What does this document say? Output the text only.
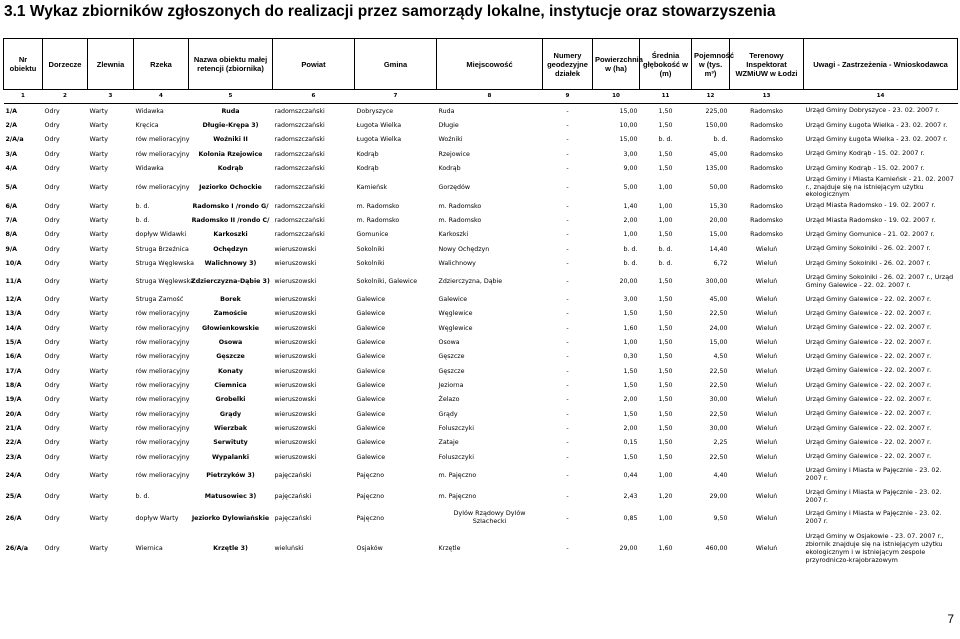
3.1 Wykaz zbiorników zgłoszonych do realizacji przez samorządy lokalne, instytucje oraz stowarzyszenia
Nr obiektu	Dorzecze	Zlewnia	Rzeka	Nazwa obiektu małej retencji (zbiornika)	Powiat	Gmina	Miejscowość	Numery geodezyjne działek	Powierzchnia w (ha)	Średnia głębokość w (m)	Pojemność w (tys. m³)	Terenowy Inspektorat WZMiUW w Łodzi	Uwagi - Zastrzeżenia - Wnioskodawca
1	2	3	4	5	6	7	8	9	10	11	12	13	14
1/A	Odry	Warty	Widawka	Ruda	radomszczański	Dobryszyce	Ruda	-	15,00	1,50	225,00	Radomsko	Urząd Gminy Dobryszyce - 23. 02. 2007 r.
2/A	Odry	Warty	Kręcica	Długie-Krępa 3)	radomszczański	Ługota Wielka	Długie	-	10,00	1,50	150,00	Radomsko	Urząd Gminy Ługota Wielka - 23. 02. 2007 r.
2/A/a	Odry	Warty	rów melioracyjny	Woźniki II	radomszczański	Ługota Wielka	Woźniki	-	15,00	b. d.	b. d.	Radomsko	Urząd Gminy Ługota Wielka - 23. 02. 2007 r.
3/A	Odry	Warty	rów melioracyjny	Kolonia Rzejowice	radomszczański	Kodrąb	Rzejowice	-	3,00	1,50	45,00	Radomsko	Urząd Gminy Kodrąb - 15. 02. 2007 r.
4/A	Odry	Warty	Widawka	Kodrąb	radomszczański	Kodrąb	Kodrąb	-	9,00	1,50	135,00	Radomsko	Urząd Gminy Kodrąb - 15. 02. 2007 r.
5/A	Odry	Warty	rów melioracyjny	Jeziorko Ochockie	radomszczański	Kamieńsk	Gorzędów	-	5,00	1,00	50,00	Radomsko	Urząd Gminy i Miasta Kamieńsk - 21. 02. 2007 r., znajduje się na istniejącym użytku ekologicznym
6/A	Odry	Warty	b. d.	Radomsko I /rondo G/	radomszczański	m. Radomsko	m. Radomsko	-	1,40	1,00	15,30	Radomsko	Urząd Miasta Radomsko - 19. 02. 2007 r.
7/A	Odry	Warty	b. d.	Radomsko II /rondo C/	radomszczański	m. Radomsko	m. Radomsko	-	2,00	1,00	20,00	Radomsko	Urząd Miasta Radomsko - 19. 02. 2007 r.
8/A	Odry	Warty	dopływ Widawki	Karkoszki	radomszczański	Gomunice	Karkoszki	-	1,00	1,50	15,00	Radomsko	Urząd Gminy Gomunice - 21. 02. 2007 r.
9/A	Odry	Warty	Struga Brzeźnica	Ochędzyn	wieruszowski	Sokolniki	Nowy Ochędzyn	-	b. d.	b. d.	14,40	Wieluń	Urząd Gminy Sokolniki - 26. 02. 2007 r.
10/A	Odry	Warty	Struga Węglewska	Walichnowy 3)	wieruszowski	Sokolniki	Walichnowy	-	b. d.	b. d.	6,72	Wieluń	Urząd Gminy Sokolniki - 26. 02. 2007 r.
11/A	Odry	Warty	Struga Węglewska	Zdzierczyzna-Dąbie 3)	wieruszowski	Sokolniki, Galewice	Zdzierczyzna, Dąbie	-	20,00	1,50	300,00	Wieluń	Urząd Gminy Sokolniki - 26. 02. 2007 r., Urząd Gminy Galewice - 22. 02. 2007 r.
12/A	Odry	Warty	Struga Zamość	Borek	wieruszowski	Galewice	Galewice	-	3,00	1,50	45,00	Wieluń	Urząd Gminy Galewice - 22. 02. 2007 r.
13/A	Odry	Warty	rów melioracyjny	Zamoście	wieruszowski	Galewice	Węglewice	-	1,50	1,50	22,50	Wieluń	Urząd Gminy Galewice - 22. 02. 2007 r.
14/A	Odry	Warty	rów melioracyjny	Głowienkowskie	wieruszowski	Galewice	Węglewice	-	1,60	1,50	24,00	Wieluń	Urząd Gminy Galewice - 22. 02. 2007 r.
15/A	Odry	Warty	rów melioracyjny	Osowa	wieruszowski	Galewice	Osowa	-	1,00	1,50	15,00	Wieluń	Urząd Gminy Galewice - 22. 02. 2007 r.
16/A	Odry	Warty	rów melioracyjny	Gęszcze	wieruszowski	Galewice	Gęszcze	-	0,30	1,50	4,50	Wieluń	Urząd Gminy Galewice - 22. 02. 2007 r.
17/A	Odry	Warty	rów melioracyjny	Konaty	wieruszowski	Galewice	Gęszcze	-	1,50	1,50	22,50	Wieluń	Urząd Gminy Galewice - 22. 02. 2007 r.
18/A	Odry	Warty	rów melioracyjny	Ciemnica	wieruszowski	Galewice	Jeziorna	-	1,50	1,50	22,50	Wieluń	Urząd Gminy Galewice - 22. 02. 2007 r.
19/A	Odry	Warty	rów melioracyjny	Grobelki	wieruszowski	Galewice	Żelazo	-	2,00	1,50	30,00	Wieluń	Urząd Gminy Galewice - 22. 02. 2007 r.
20/A	Odry	Warty	rów melioracyjny	Grądy	wieruszowski	Galewice	Grądy	-	1,50	1,50	22,50	Wieluń	Urząd Gminy Galewice - 22. 02. 2007 r.
21/A	Odry	Warty	rów melioracyjny	Wierzbak	wieruszowski	Galewice	Foluszczyki	-	2,00	1,50	30,00	Wieluń	Urząd Gminy Galewice - 22. 02. 2007 r.
22/A	Odry	Warty	rów melioracyjny	Serwituty	wieruszowski	Galewice	Zataje	-	0,15	1,50	2,25	Wieluń	Urząd Gminy Galewice - 22. 02. 2007 r.
23/A	Odry	Warty	rów melioracyjny	Wypalanki	wieruszowski	Galewice	Foluszczyki	-	1,50	1,50	22,50	Wieluń	Urząd Gminy Galewice - 22. 02. 2007 r.
24/A	Odry	Warty	rów melioracyjny	Pietrzyków 3)	pajęczański	Pajęczno	m. Pajęczno	-	0,44	1,00	4,40	Wieluń	Urząd Gminy i Miasta w Pajęcznie - 23. 02. 2007 r.
25/A	Odry	Warty	b. d.	Matusowiec 3)	pajęczański	Pajęczno	m. Pajęczno	-	2,43	1,20	29,00	Wieluń	Urząd Gminy i Miasta w Pajęcznie - 23. 02. 2007 r.
26/A	Odry	Warty	dopływ Warty	Jeziorko Dylowiańskie	pajęczański	Pajęczno	Dylów Rządowy Dylów Szlachecki	-	0,85	1,00	9,50	Wieluń	Urząd Gminy i Miasta w Pajęcznie - 23. 02. 2007 r.
26/A/a	Odry	Warty	Wiernica	Krzętle 3)	wieluński	Osjaków	Krzętle	-	29,00	1,60	460,00	Wieluń	Urząd Gminy w Osjakowie - 23. 07. 2007 r., zbiornik znajduje się na istniejącym użytku ekologicznym i w istniejącym zespole przyrodniczo-krajobrazowym
7
